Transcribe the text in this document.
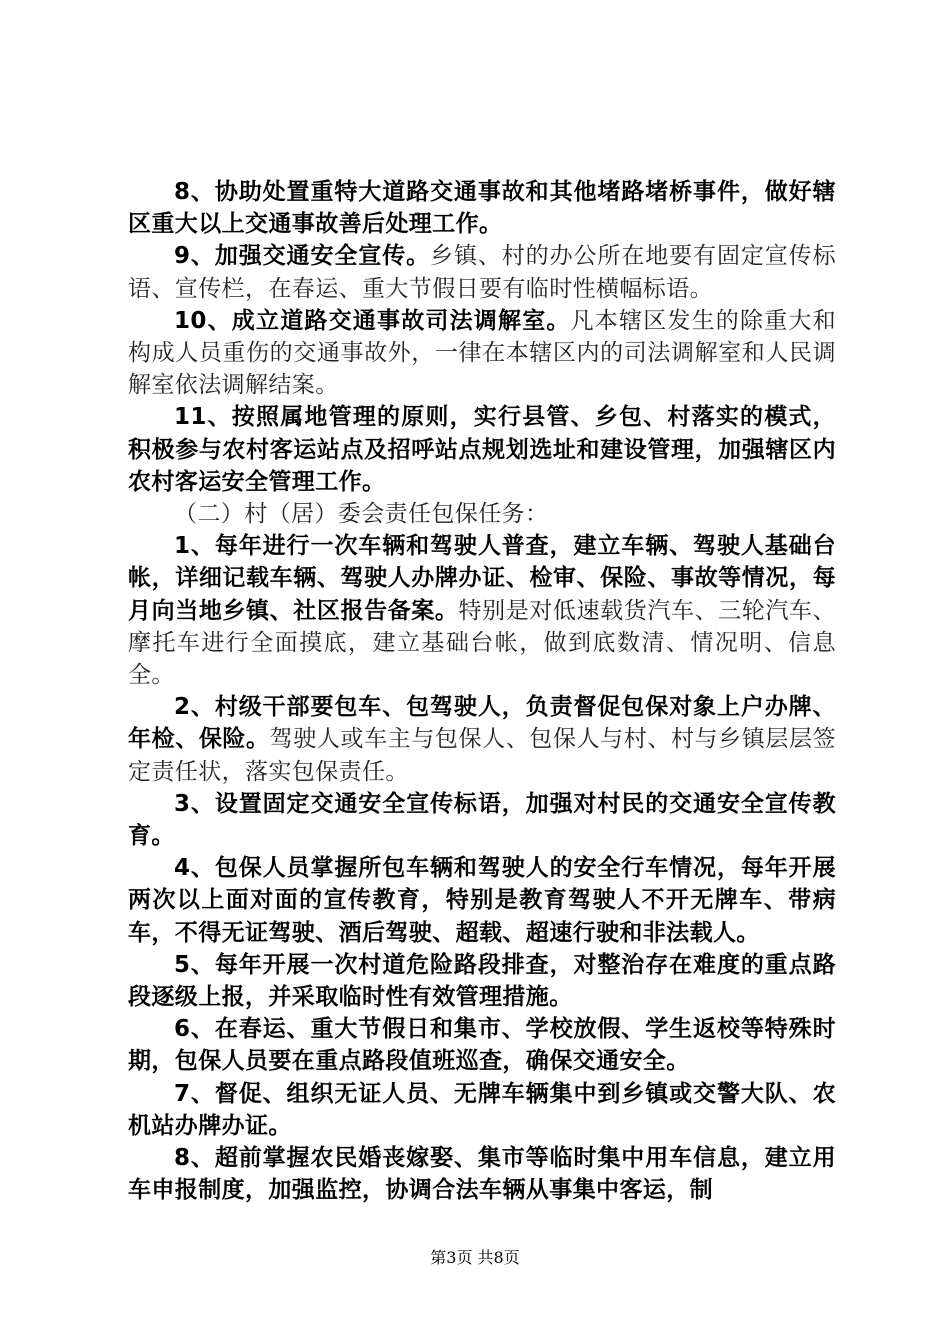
8、协助处置重特大道路交通事故和其他堵路堵桥事件，做好辖区重大以上交通事故善后处理工作。

9、加强交通安全宣传。乡镇、村的办公所在地要有固定宣传标语、宣传栏，在春运、重大节假日要有临时性横幅标语。

10、成立道路交通事故司法调解室。凡本辖区发生的除重大和构成人员重伤的交通事故外，一律在本辖区内的司法调解室和人民调解室依法调解结案。

11、按照属地管理的原则，实行县管、乡包、村落实的模式，积极参与农村客运站点及招呼站点规划选址和建设管理，加强辖区内农村客运安全管理工作。

（二）村（居）委会责任包保任务：

1、每年进行一次车辆和驾驶人普查，建立车辆、驾驶人基础台帐，详细记载车辆、驾驶人办牌办证、检审、保险、事故等情况，每月向当地乡镇、社区报告备案。特别是对低速载货汽车、三轮汽车、摩托车进行全面摸底，建立基础台帐，做到底数清、情况明、信息全。

2、村级干部要包车、包驾驶人，负责督促包保对象上户办牌、年检、保险。驾驶人或车主与包保人、包保人与村、村与乡镇层层签定责任状，落实包保责任。

3、设置固定交通安全宣传标语，加强对村民的交通安全宣传教育。

4、包保人员掌握所包车辆和驾驶人的安全行车情况，每年开展两次以上面对面的宣传教育，特别是教育驾驶人不开无牌车、带病车，不得无证驾驶、酒后驾驶、超载、超速行驶和非法载人。

5、每年开展一次村道危险路段排查，对整治存在难度的重点路段逐级上报，并采取临时性有效管理措施。

6、在春运、重大节假日和集市、学校放假、学生返校等特殊时期，包保人员要在重点路段值班巡查，确保交通安全。

7、督促、组织无证人员、无牌车辆集中到乡镇或交警大队、农机站办牌办证。

8、超前掌握农民婚丧嫁娶、集市等临时集中用车信息，建立用车申报制度，加强监控，协调合法车辆从事集中客运，制

第3页 共8页
